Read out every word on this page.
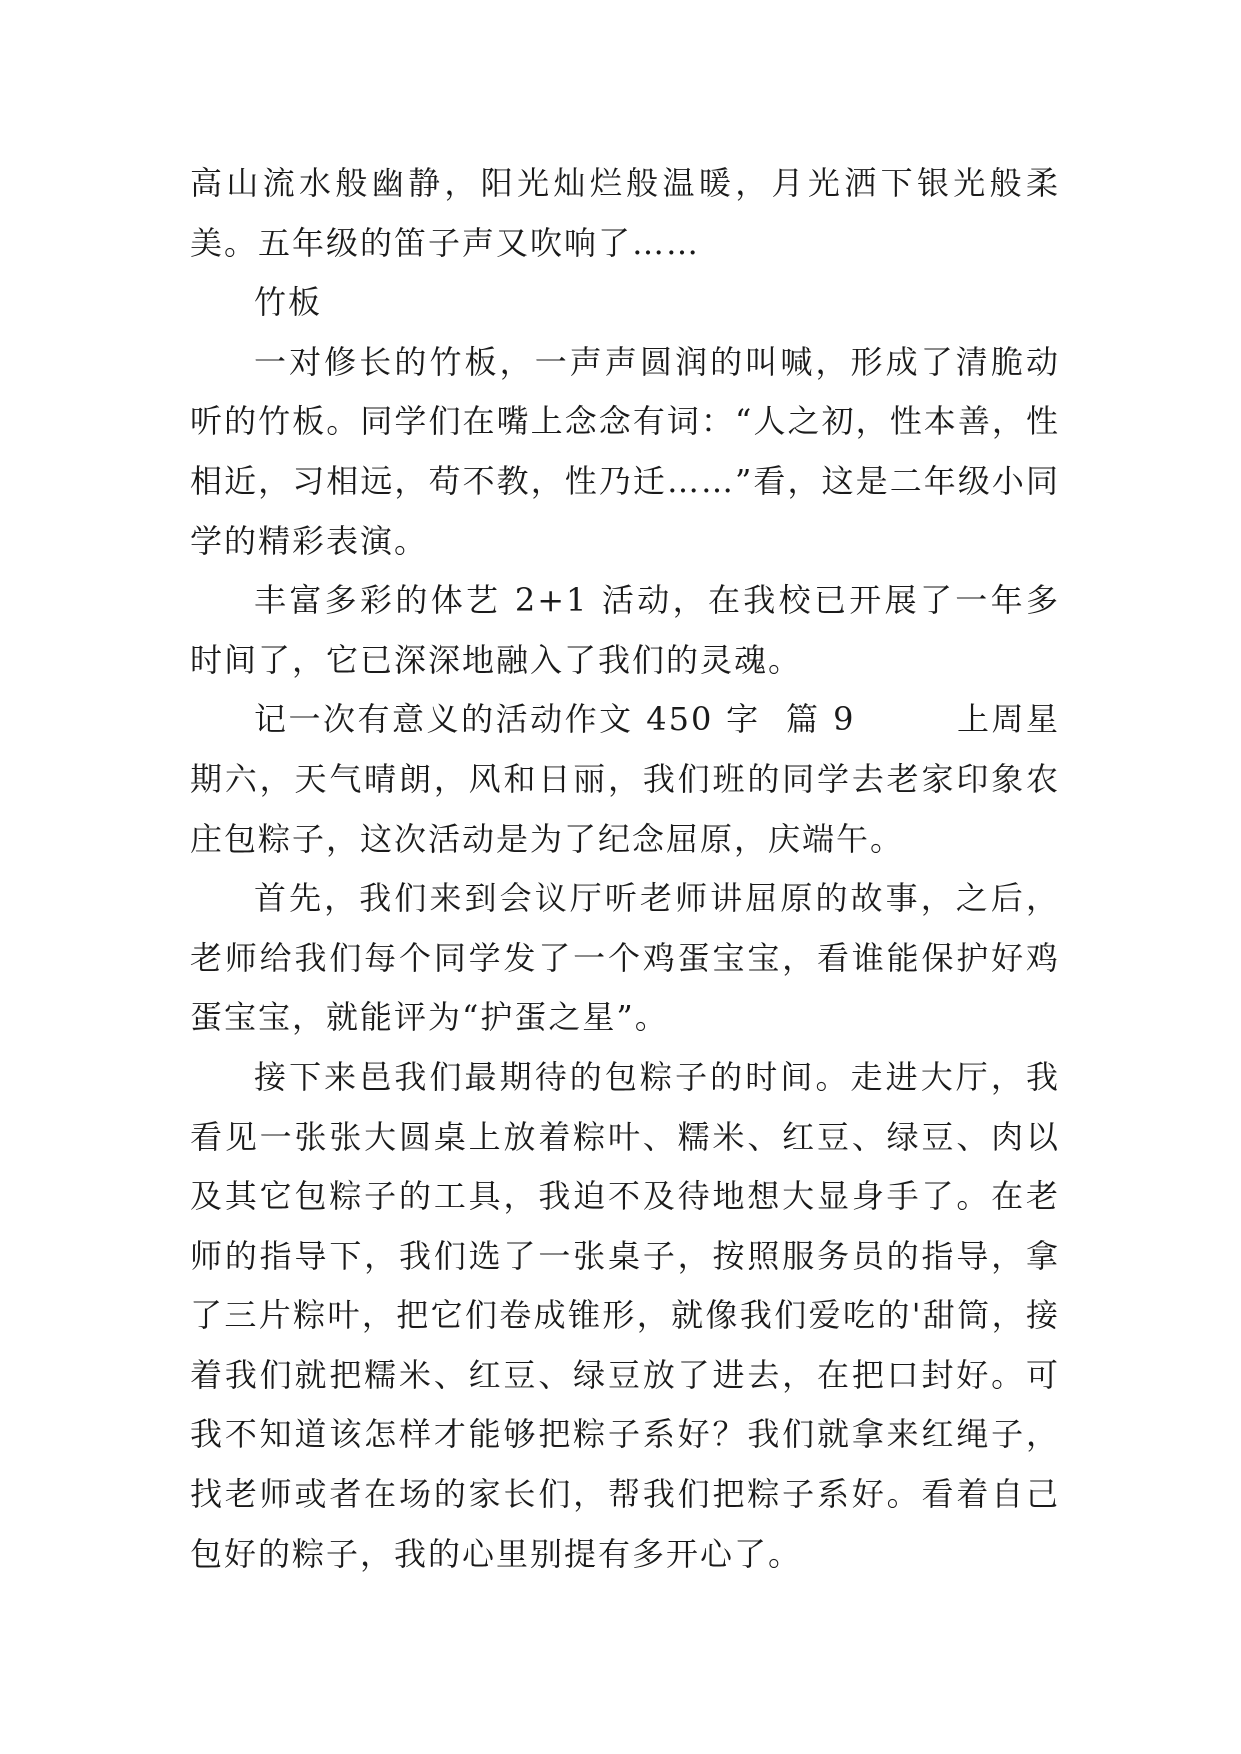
高山流水般幽静，阳光灿烂般温暖，月光洒下银光般柔美。五年级的笛子声又吹响了……

竹板

一对修长的竹板，一声声圆润的叫喊，形成了清脆动听的竹板。同学们在嘴上念念有词：“人之初，性本善，性相近，习相远，苟不教，性乃迁……”看，这是二年级小同学的精彩表演。

丰富多彩的体艺 2+1 活动，在我校已开展了一年多时间了，它已深深地融入了我们的灵魂。

记一次有意义的活动作文 450 字  篇 9        上周星期六，天气晴朗，风和日丽，我们班的同学去老家印象农庄包粽子，这次活动是为了纪念屈原，庆端午。

首先，我们来到会议厅听老师讲屈原的故事，之后，老师给我们每个同学发了一个鸡蛋宝宝，看谁能保护好鸡蛋宝宝，就能评为“护蛋之星”。

接下来邑我们最期待的包粽子的时间。走进大厅，我看见一张张大圆桌上放着粽叶、糯米、红豆、绿豆、肉以及其它包粽子的工具，我迫不及待地想大显身手了。在老师的指导下，我们选了一张桌子，按照服务员的指导，拿了三片粽叶，把它们卷成锥形，就像我们爱吃的'甜筒，接着我们就把糯米、红豆、绿豆放了进去，在把口封好。可我不知道该怎样才能够把粽子系好？我们就拿来红绳子，找老师或者在场的家长们，帮我们把粽子系好。看着自己包好的粽子，我的心里别提有多开心了。
